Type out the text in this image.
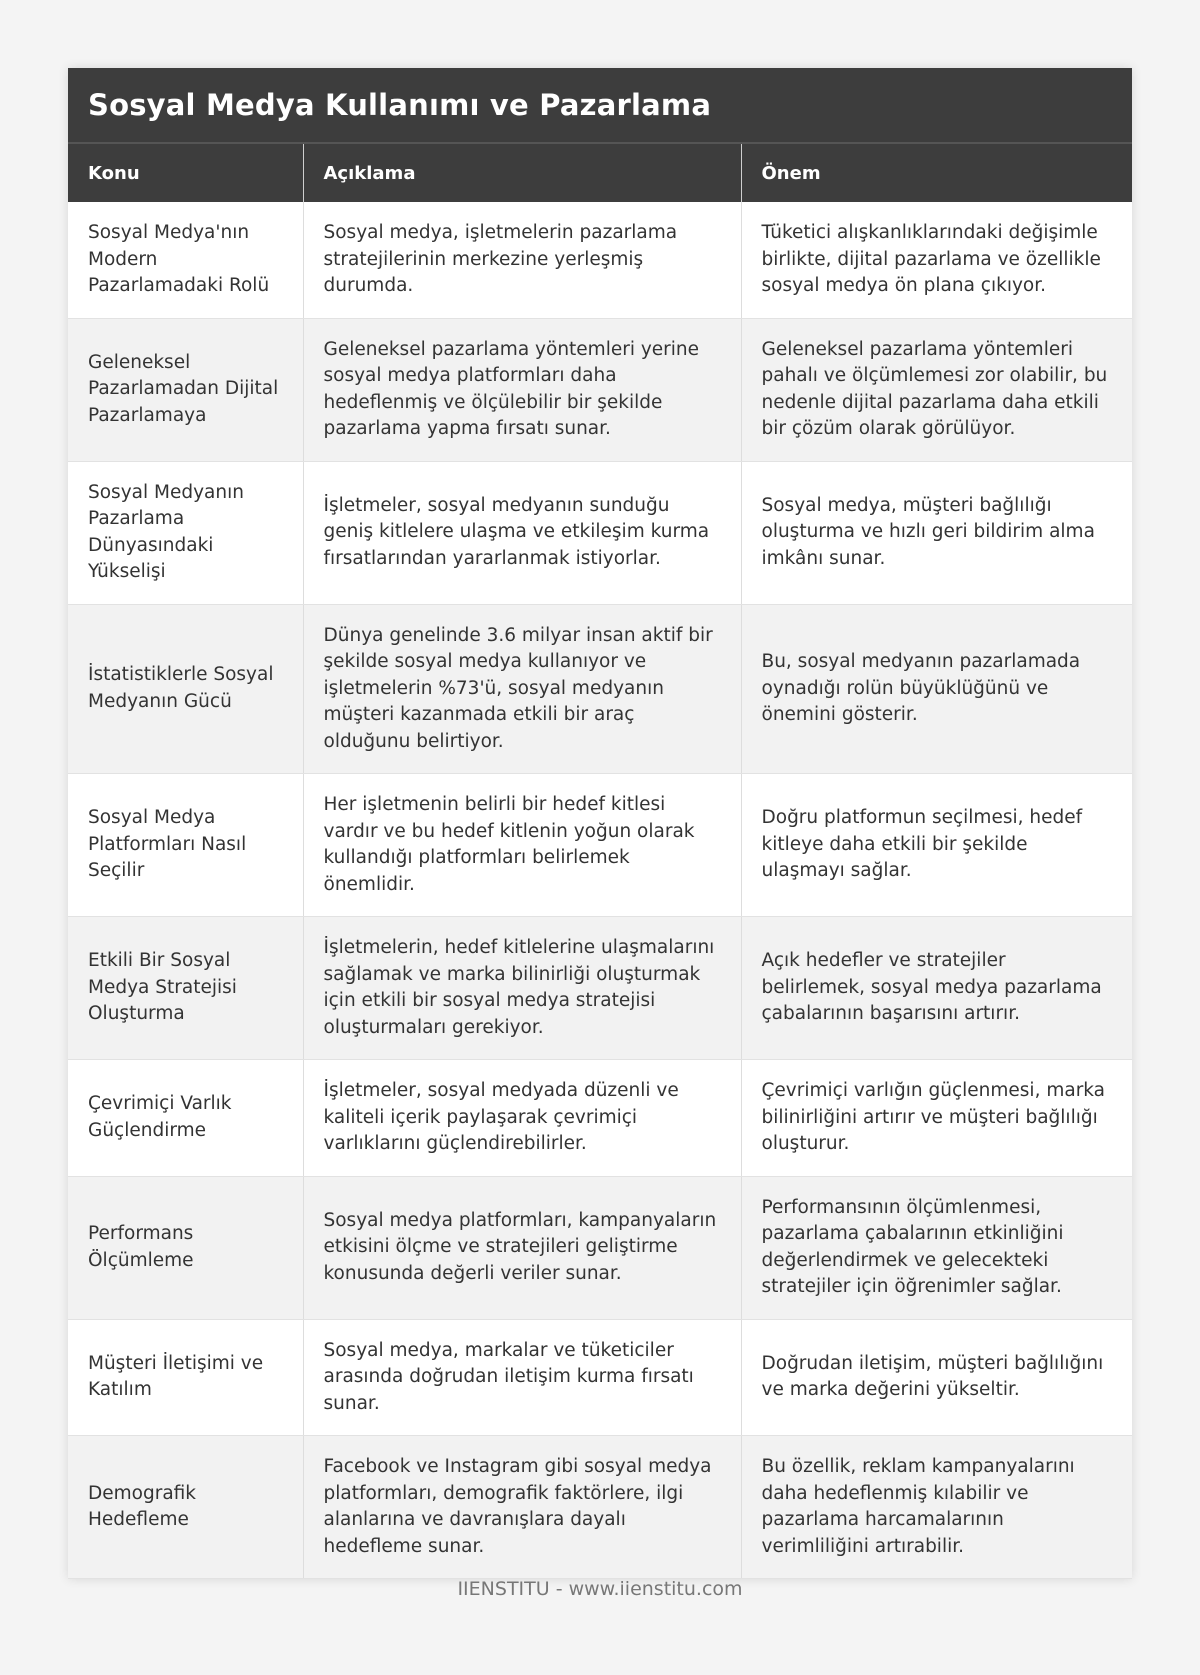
Sosyal Medya Kullanımı ve Pazarlama
Konu	Açıklama	Önem
Sosyal Medya'nın Modern Pazarlamadaki Rolü	Sosyal medya, işletmelerin pazarlama stratejilerinin merkezine yerleşmiş durumda.	Tüketici alışkanlıklarındaki değişimle birlikte, dijital pazarlama ve özellikle sosyal medya ön plana çıkıyor.
Geleneksel Pazarlamadan Dijital Pazarlamaya	Geleneksel pazarlama yöntemleri yerine sosyal medya platformları daha hedeflenmiş ve ölçülebilir bir şekilde pazarlama yapma fırsatı sunar.	Geleneksel pazarlama yöntemleri pahalı ve ölçümlemesi zor olabilir, bu nedenle dijital pazarlama daha etkili bir çözüm olarak görülüyor.
Sosyal Medyanın Pazarlama Dünyasındaki Yükselişi	İşletmeler, sosyal medyanın sunduğu geniş kitlelere ulaşma ve etkileşim kurma fırsatlarından yararlanmak istiyorlar.	Sosyal medya, müşteri bağlılığı oluşturma ve hızlı geri bildirim alma imkânı sunar.
İstatistiklerle Sosyal Medyanın Gücü	Dünya genelinde 3.6 milyar insan aktif bir şekilde sosyal medya kullanıyor ve işletmelerin %73'ü, sosyal medyanın müşteri kazanmada etkili bir araç olduğunu belirtiyor.	Bu, sosyal medyanın pazarlamada oynadığı rolün büyüklüğünü ve önemini gösterir.
Sosyal Medya Platformları Nasıl Seçilir	Her işletmenin belirli bir hedef kitlesi vardır ve bu hedef kitlenin yoğun olarak kullandığı platformları belirlemek önemlidir.	Doğru platformun seçilmesi, hedef kitleye daha etkili bir şekilde ulaşmayı sağlar.
Etkili Bir Sosyal Medya Stratejisi Oluşturma	İşletmelerin, hedef kitlelerine ulaşmalarını sağlamak ve marka bilinirliği oluşturmak için etkili bir sosyal medya stratejisi oluşturmaları gerekiyor.	Açık hedefler ve stratejiler belirlemek, sosyal medya pazarlama çabalarının başarısını artırır.
Çevrimiçi Varlık Güçlendirme	İşletmeler, sosyal medyada düzenli ve kaliteli içerik paylaşarak çevrimiçi varlıklarını güçlendirebilirler.	Çevrimiçi varlığın güçlenmesi, marka bilinirliğini artırır ve müşteri bağlılığı oluşturur.
Performans Ölçümleme	Sosyal medya platformları, kampanyaların etkisini ölçme ve stratejileri geliştirme konusunda değerli veriler sunar.	Performansının ölçümlenmesi, pazarlama çabalarının etkinliğini değerlendirmek ve gelecekteki stratejiler için öğrenimler sağlar.
Müşteri İletişimi ve Katılım	Sosyal medya, markalar ve tüketiciler arasında doğrudan iletişim kurma fırsatı sunar.	Doğrudan iletişim, müşteri bağlılığını ve marka değerini yükseltir.
Demografik Hedefleme	Facebook ve Instagram gibi sosyal medya platformları, demografik faktörlere, ilgi alanlarına ve davranışlara dayalı hedefleme sunar.	Bu özellik, reklam kampanyalarını daha hedeflenmiş kılabilir ve pazarlama harcamalarının verimliliğini artırabilir.
IIENSTITU - www.iienstitu.com
